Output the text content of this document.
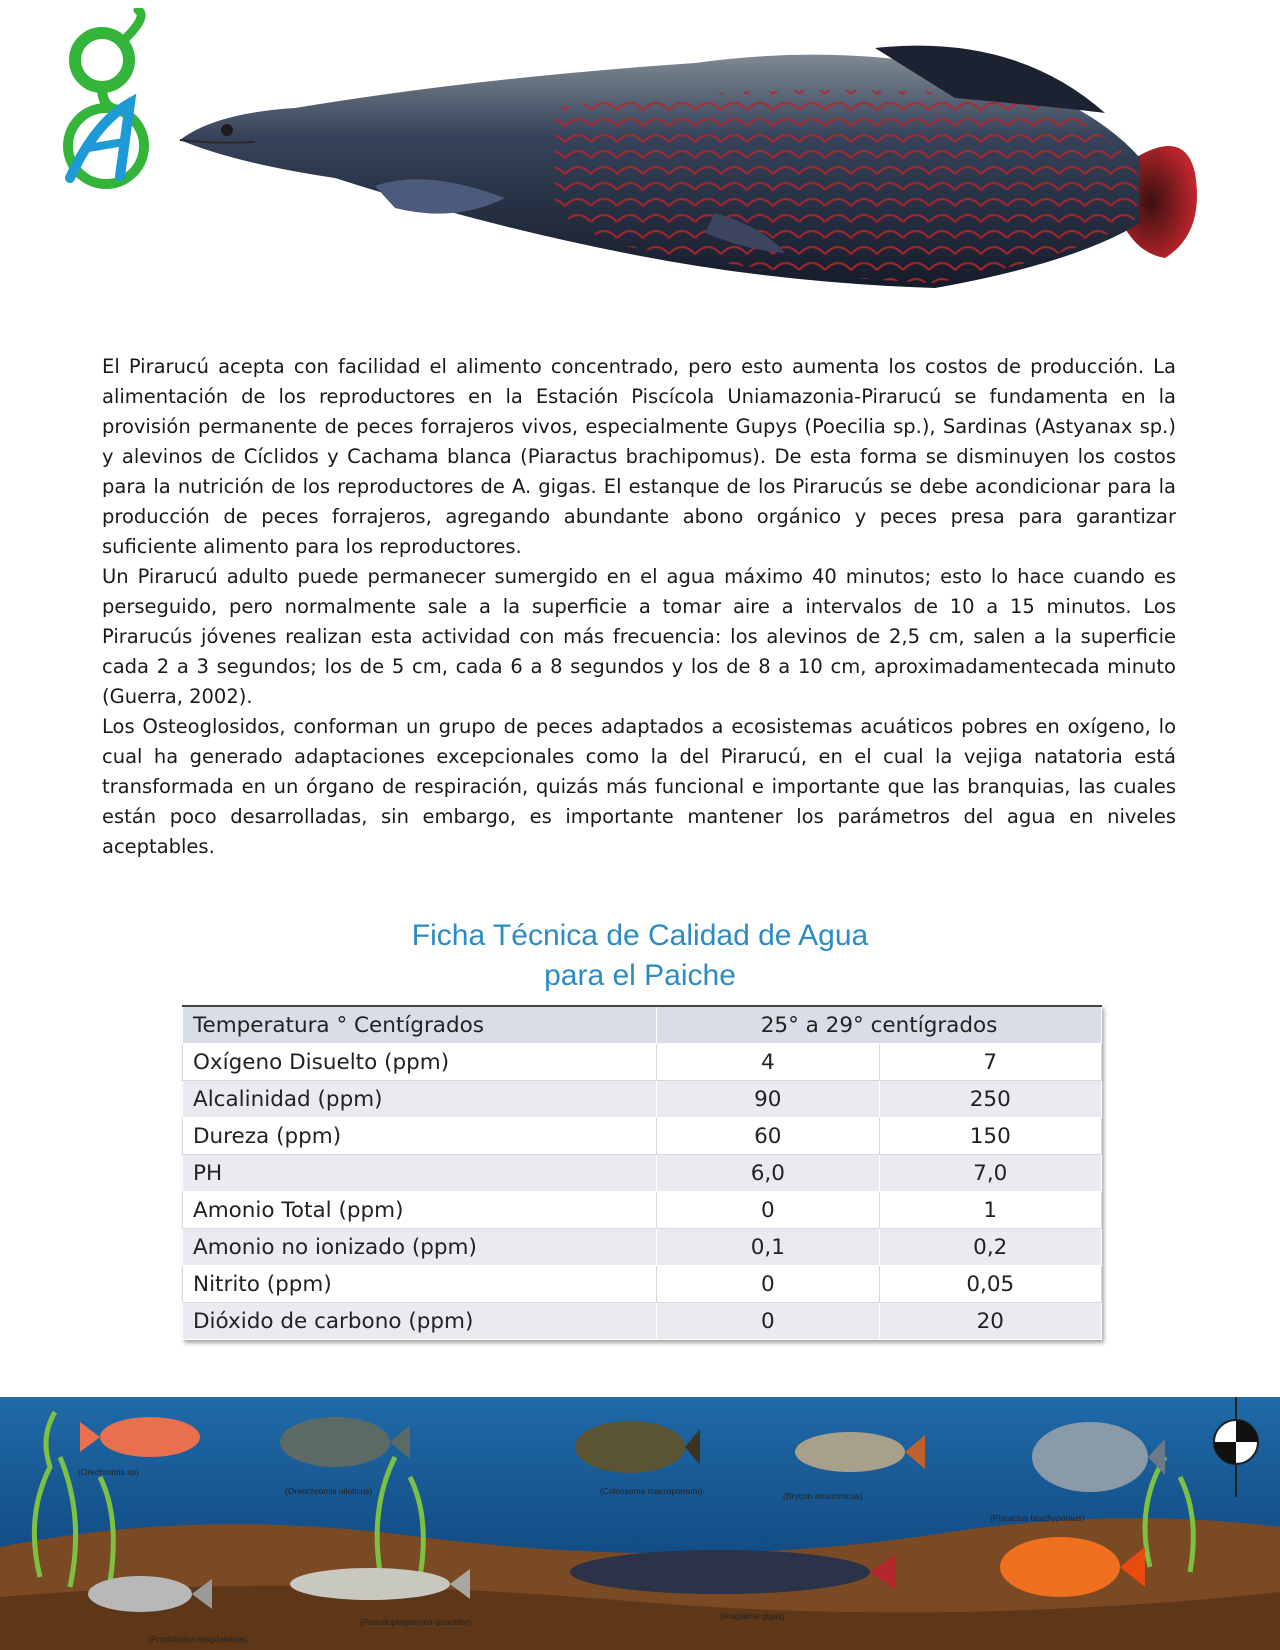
El Pirarucú acepta con facilidad el alimento concentrado, pero esto aumenta los costos de producción. La alimentación de los reproductores en la Estación Piscícola Uniamazonia-Pirarucú se fundamenta en la provisión permanente de peces forrajeros vivos, especialmente Gupys (Poecilia sp.), Sardinas (Astyanax sp.) y alevinos de Cíclidos y Cachama blanca (Piaractus brachipomus). De esta forma se disminuyen los costos para la nutrición de los reproductores de A. gigas. El estanque de los Pirarucús se debe acondicionar para la producción de peces forrajeros, agregando abundante abono orgánico y peces presa para garantizar suficiente alimento para los reproductores.

Un Pirarucú adulto puede permanecer sumergido en el agua máximo 40 minutos; esto lo hace cuando es perseguido, pero normalmente sale a la superficie a tomar aire a intervalos de 10 a 15 minutos. Los Pirarucús jóvenes realizan esta actividad con más frecuencia: los alevinos de 2,5 cm, salen a la superficie cada 2 a 3 segundos; los de 5 cm, cada 6 a 8 segundos y los de 8 a 10 cm, aproximadamentecada minuto (Guerra, 2002).

Los Osteoglosidos, conforman un grupo de peces adaptados a ecosistemas acuáticos pobres en oxígeno, lo cual ha generado adaptaciones excepcionales como la del Pirarucú, en el cual la vejiga natatoria está transformada en un órgano de respiración, quizás más funcional e importante que las branquias, las cuales están poco desarrolladas, sin embargo, es importante mantener los parámetros del agua en niveles aceptables.

Ficha Técnica de Calidad de Agua
para el Paiche
Temperatura ° Centígrados	25° a 29° centígrados	
Oxígeno Disuelto (ppm)	4	7
Alcalinidad (ppm)	90	250
Dureza (ppm)	60	150
PH	6,0	7,0
Amonio Total (ppm)	0	1
Amonio no ionizado (ppm)	0,1	0,2
Nitrito (ppm)	0	0,05
Dióxido de carbono (ppm)	0	20
(Orechromis sp)
(Oreochromis niloticus)	(Colossoma macropomum)	(Brycon amazonicus)
(Piaractus brachypomus)
(Prochilodus magdalenae)
(Pseudoplatystoma-punctifer)
(Arapaima gigas)
